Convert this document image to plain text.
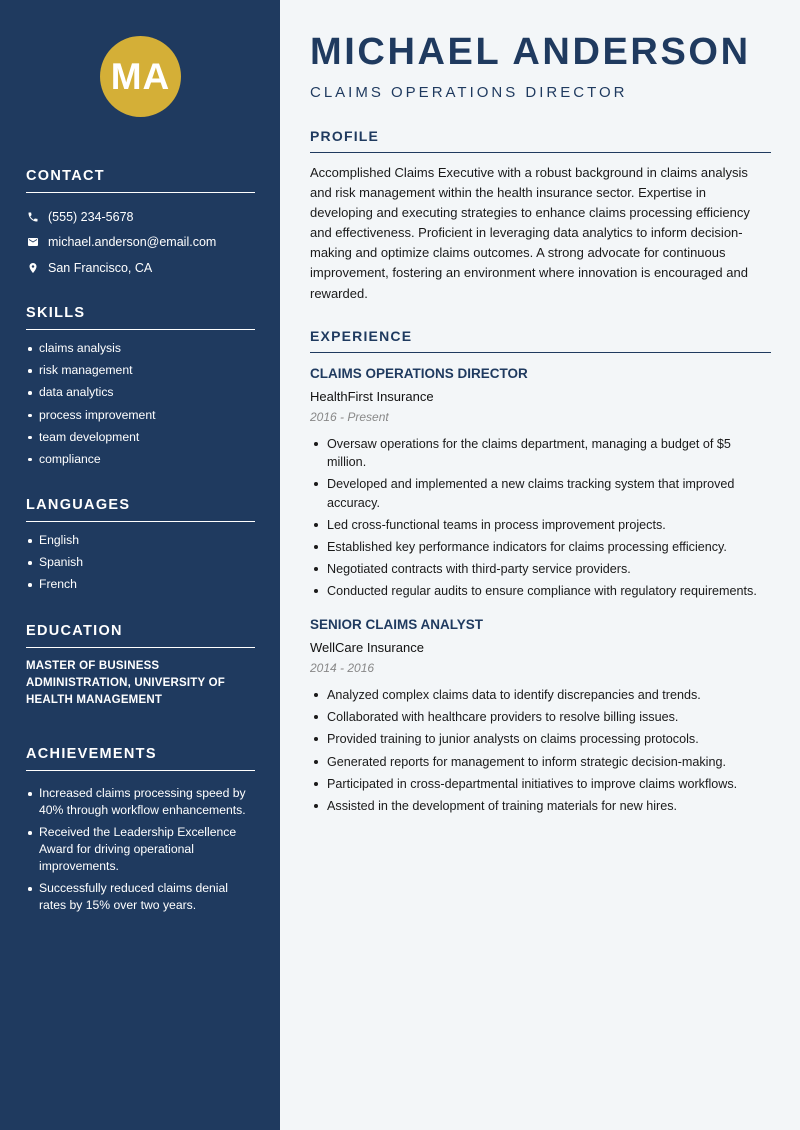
MA
CONTACT
(555) 234-5678
michael.anderson@email.com
San Francisco, CA
SKILLS
claims analysis
risk management
data analytics
process improvement
team development
compliance
LANGUAGES
English
Spanish
French
EDUCATION
MASTER OF BUSINESS ADMINISTRATION, UNIVERSITY OF HEALTH MANAGEMENT
ACHIEVEMENTS
Increased claims processing speed by 40% through workflow enhancements.
Received the Leadership Excellence Award for driving operational improvements.
Successfully reduced claims denial rates by 15% over two years.
MICHAEL ANDERSON
CLAIMS OPERATIONS DIRECTOR
PROFILE
Accomplished Claims Executive with a robust background in claims analysis and risk management within the health insurance sector. Expertise in developing and executing strategies to enhance claims processing efficiency and effectiveness. Proficient in leveraging data analytics to inform decision-making and optimize claims outcomes. A strong advocate for continuous improvement, fostering an environment where innovation is encouraged and rewarded.
EXPERIENCE
CLAIMS OPERATIONS DIRECTOR
HealthFirst Insurance
2016 - Present
Oversaw operations for the claims department, managing a budget of $5 million.
Developed and implemented a new claims tracking system that improved accuracy.
Led cross-functional teams in process improvement projects.
Established key performance indicators for claims processing efficiency.
Negotiated contracts with third-party service providers.
Conducted regular audits to ensure compliance with regulatory requirements.
SENIOR CLAIMS ANALYST
WellCare Insurance
2014 - 2016
Analyzed complex claims data to identify discrepancies and trends.
Collaborated with healthcare providers to resolve billing issues.
Provided training to junior analysts on claims processing protocols.
Generated reports for management to inform strategic decision-making.
Participated in cross-departmental initiatives to improve claims workflows.
Assisted in the development of training materials for new hires.
